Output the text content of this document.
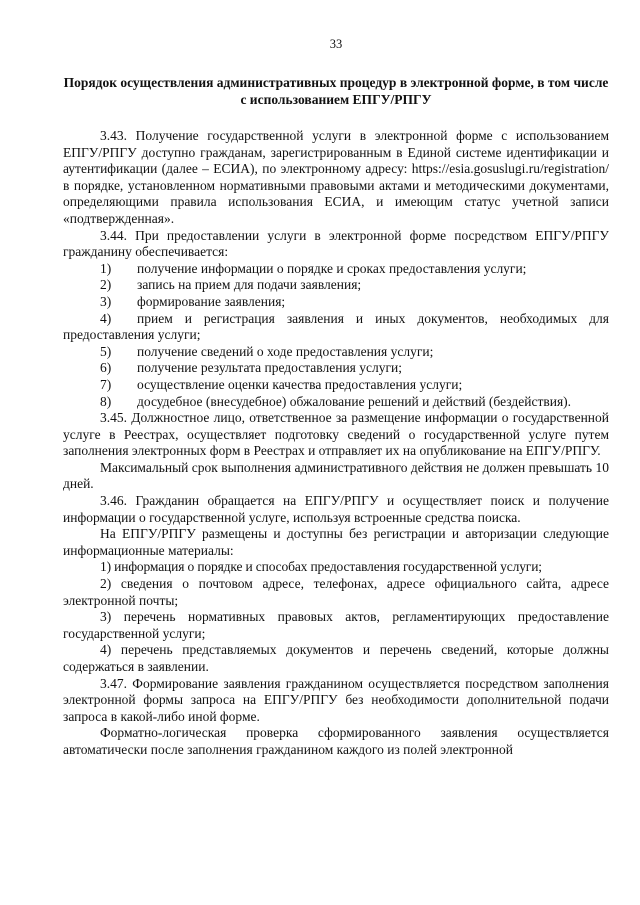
33
Порядок осуществления административных процедур в электронной форме, в том числе с использованием ЕПГУ/РПГУ

3.43. Получение государственной услуги в электронной форме с использованием ЕПГУ/РПГУ доступно гражданам, зарегистрированным в Единой системе идентификации и аутентификации (далее – ЕСИА), по электронному адресу: https://esia.gosuslugi.ru/registration/ в порядке, установленном нормативными правовыми актами и методическими документами, определяющими правила использования ЕСИА, и имеющим статус учетной записи «подтвержденная».

3.44. При предоставлении услуги в электронной форме посредством ЕПГУ/РПГУ гражданину обеспечивается:

1)	получение информации о порядке и сроках предоставления услуги;
2)	запись на прием для подачи заявления;
3)	формирование заявления;

4) прием и регистрация заявления и иных документов, необходимых для предоставления услуги;

5)	получение сведений о ходе предоставления услуги;
6)	получение результата предоставления услуги;
7)	осуществление оценки качества предоставления услуги;

8) досудебное (внесудебное) обжалование решений и действий (бездействия).

3.45. Должностное лицо, ответственное за размещение информации о государственной услуге в Реестрах, осуществляет подготовку сведений о государственной услуге путем заполнения электронных форм в Реестрах и отправляет их на опубликование на ЕПГУ/РПГУ.

Максимальный срок выполнения административного действия не должен превышать 10 дней.

3.46. Гражданин обращается на ЕПГУ/РПГУ и осуществляет поиск и получение информации о государственной услуге, используя встроенные средства поиска.

На ЕПГУ/РПГУ размещены и доступны без регистрации и авторизации следующие информационные материалы:

1) информация о порядке и способах предоставления государственной услуги;

2) сведения о почтовом адресе, телефонах, адресе официального сайта, адресе электронной почты;

3) перечень нормативных правовых актов, регламентирующих предоставление государственной услуги;

4) перечень представляемых документов и перечень сведений, которые должны содержаться в заявлении.

3.47. Формирование заявления гражданином осуществляется посредством заполнения электронной формы запроса на ЕПГУ/РПГУ без необходимости дополнительной подачи запроса в какой-либо иной форме.

Форматно-логическая проверка сформированного заявления осуществляется автоматически после заполнения гражданином каждого из полей электронной
